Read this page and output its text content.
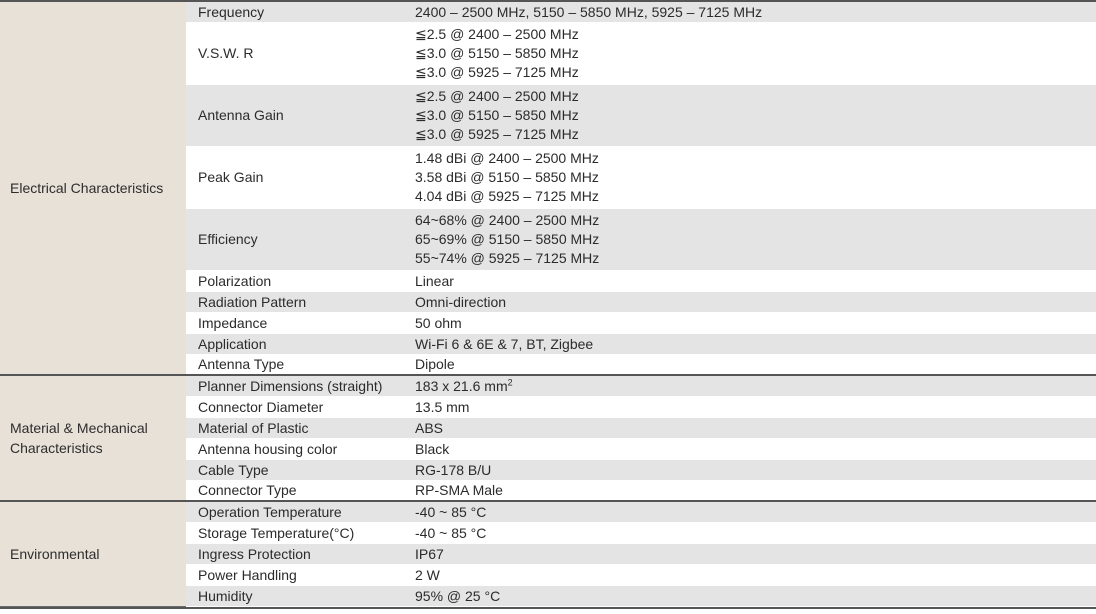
Electrical Characteristics	Frequency	2400 – 2500 MHz, 5150 – 5850 MHz, 5925 – 7125 MHz
	V.S.W. R	≦2.5 @ 2400 – 2500 MHz
≦3.0 @ 5150 – 5850 MHz
≦3.0 @ 5925 – 7125 MHz

	Antenna Gain	≦2.5 @ 2400 – 2500 MHz
≦3.0 @ 5150 – 5850 MHz
≦3.0 @ 5925 – 7125 MHz

	Peak Gain	1.48 dBi @ 2400 – 2500 MHz
3.58 dBi @ 5150 – 5850 MHz
4.04 dBi @ 5925 – 7125 MHz

	Efficiency	64~68% @ 2400 – 2500 MHz
65~69% @ 5150 – 5850 MHz
55~74% @ 5925 – 7125 MHz

	Polarization	Linear
	Radiation Pattern	Omni-direction
	Impedance	50 ohm
	Application	Wi-Fi 6 & 6E & 7, BT, Zigbee
	Antenna Type	Dipole
Material & Mechanical Characteristics	Planner Dimensions (straight)	183 x 21.6 $mm^2$
	Connector Diameter	13.5 mm
	Material of Plastic	ABS
	Antenna housing color	Black
	Cable Type	RG-178 B/U
	Connector Type	RP-SMA Male
Environmental	Operation Temperature	-40 ~ 85 °C
	Storage Temperature(°C)	-40 ~ 85 °C
	Ingress Protection	IP67
	Power Handling	2 W
	Humidity	95% @ 25 °C
